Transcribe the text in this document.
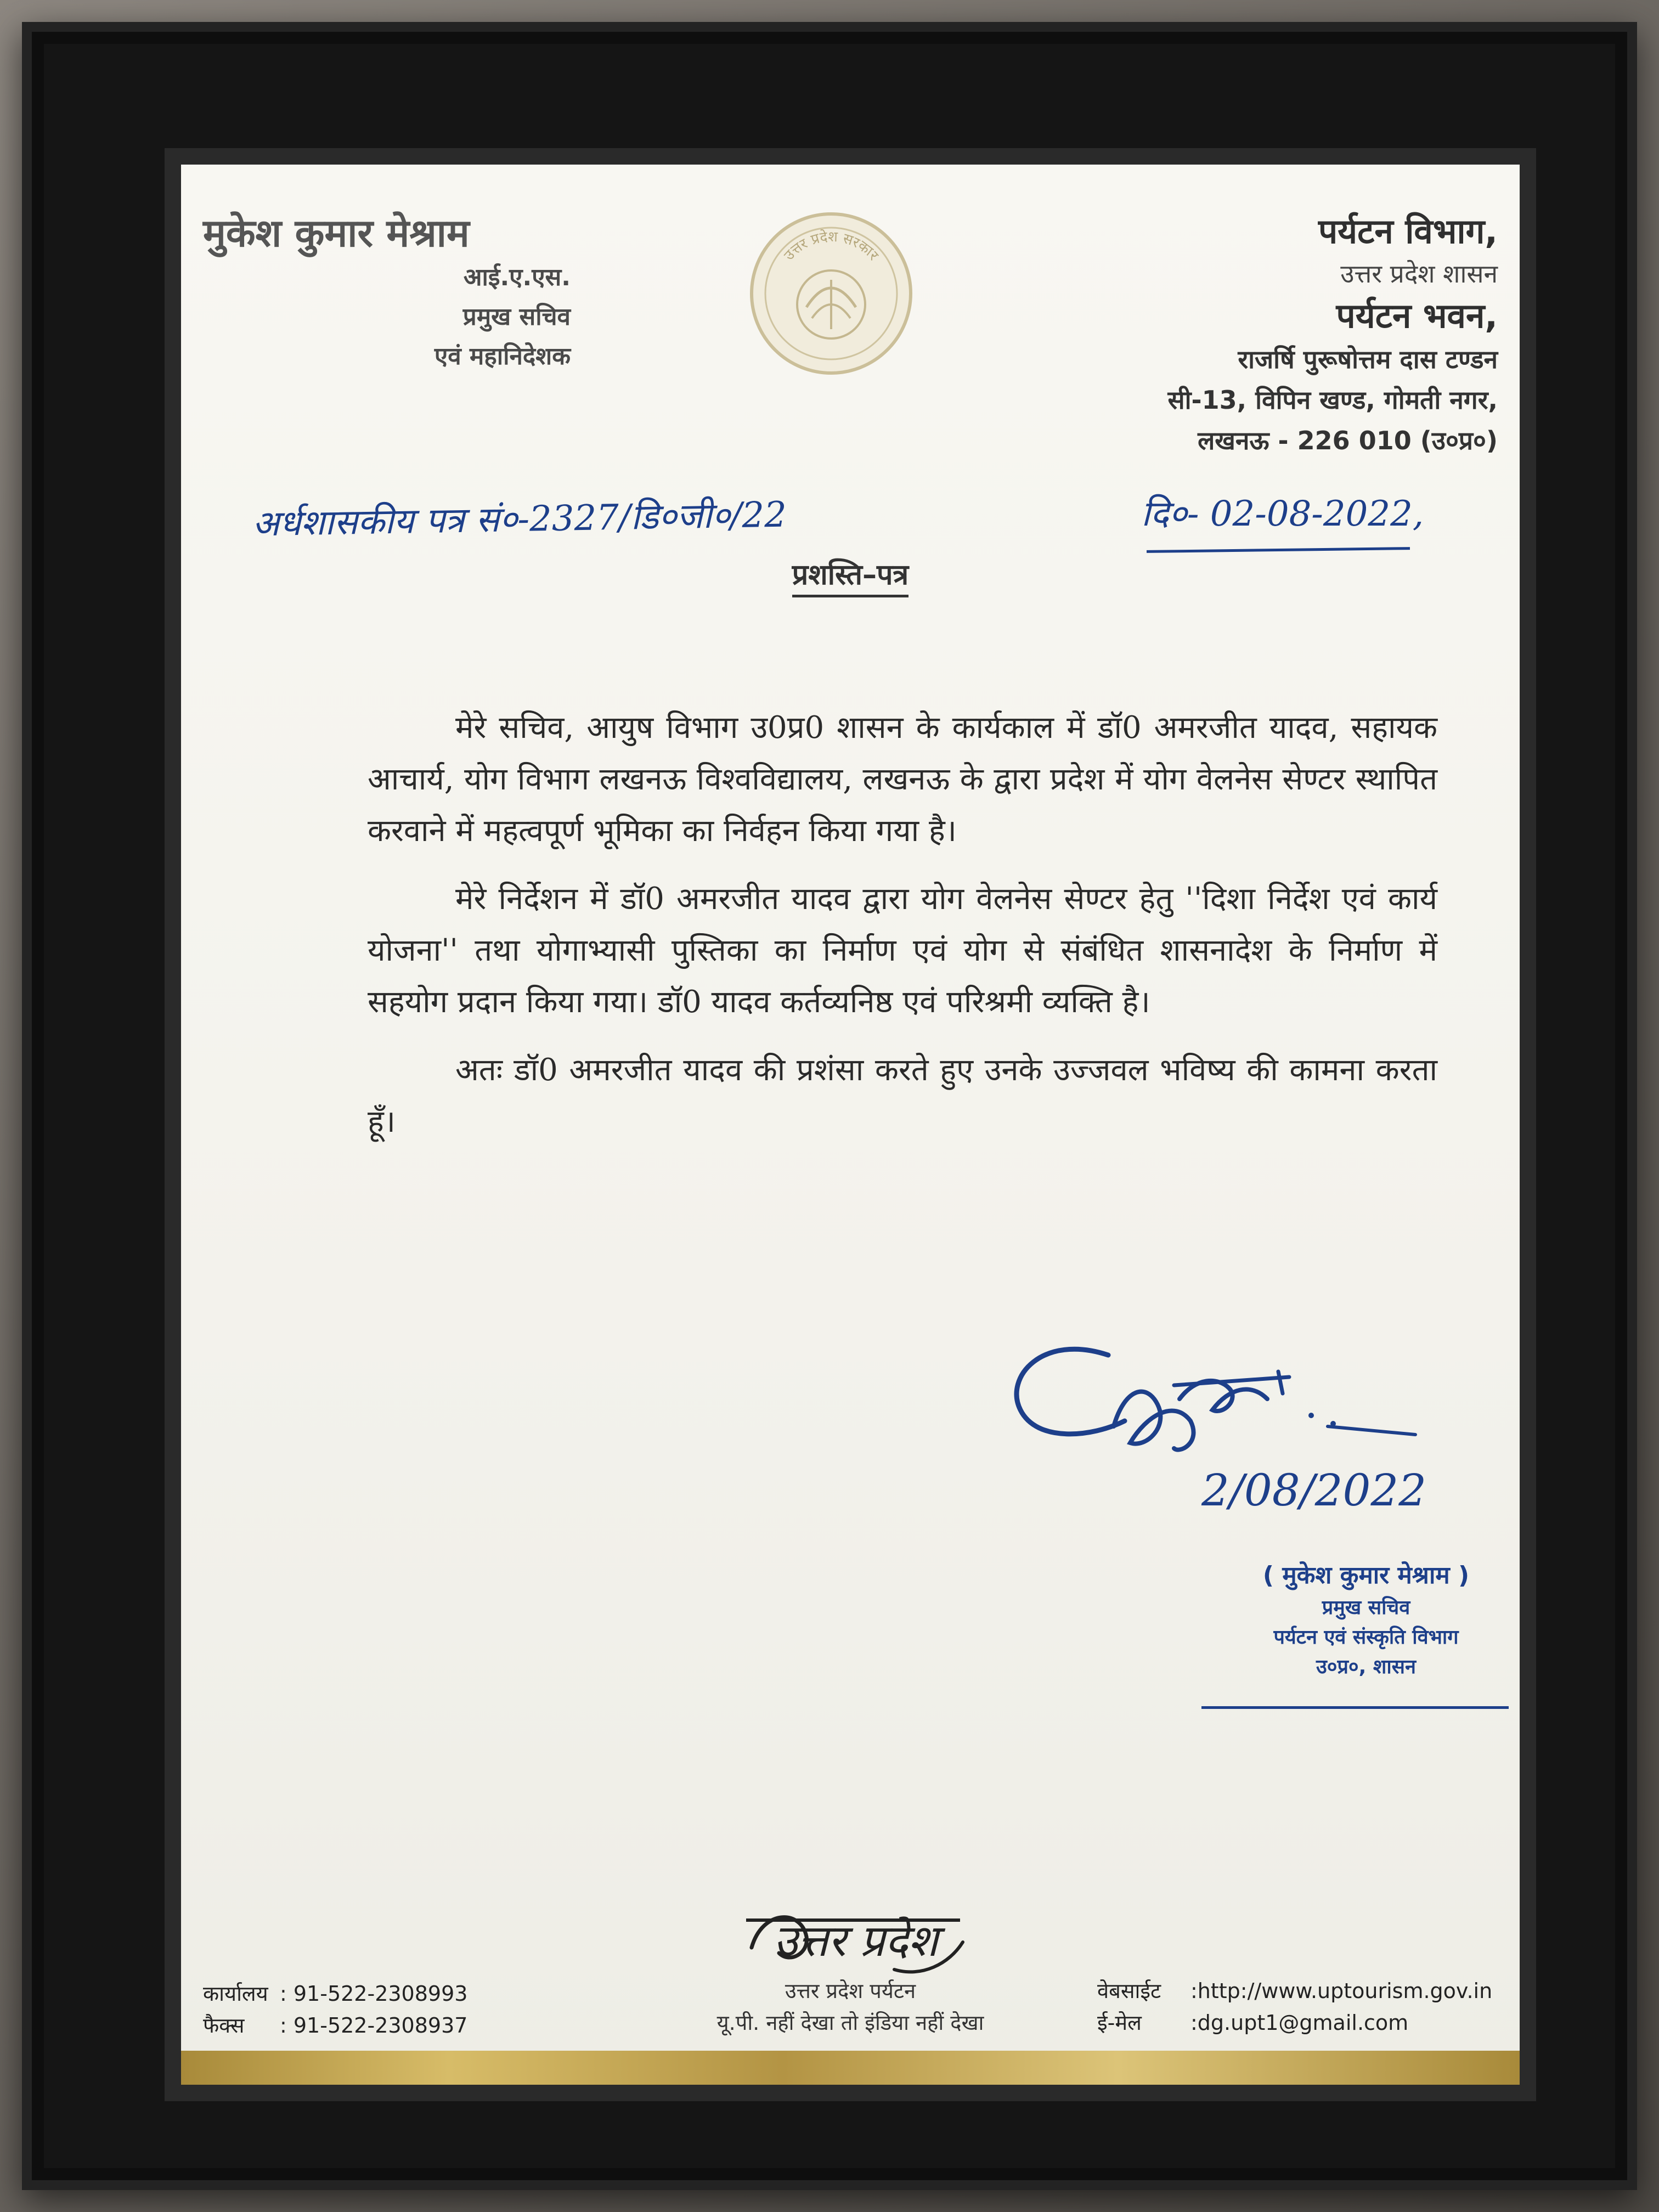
मुकेश कुमार मेश्राम
आई.ए.एस.
प्रमुख सचिव
एवं महानिदेशक
उत्तर प्रदेश सरकार
पर्यटन विभाग,
उत्तर प्रदेश शासन
पर्यटन भवन,
राजर्षि पुरूषोत्तम दास टण्डन
सी-13, विपिन खण्ड, गोमती नगर,
लखनऊ - 226 010 (उ०प्र०)
अर्धशासकीय पत्र सं०-2327/डि०जी०/22	दि०- 02-08-2022,
प्रशस्ति–पत्र

मेरे सचिव, आयुष विभाग उ0प्र0 शासन के कार्यकाल में डॉ0 अमरजीत यादव, सहायक आचार्य, योग विभाग लखनऊ विश्वविद्यालय, लखनऊ के द्वारा प्रदेश में योग वेलनेस सेण्टर स्थापित करवाने में महत्वपूर्ण भूमिका का निर्वहन किया गया है।

मेरे निर्देशन में डॉ0 अमरजीत यादव द्वारा योग वेलनेस सेण्टर हेतु ''दिशा निर्देश एवं कार्य योजना'' तथा योगाभ्यासी पुस्तिका का निर्माण एवं योग से संबंधित शासनादेश के निर्माण में सहयोग प्रदान किया गया। डॉ0 यादव कर्तव्यनिष्ठ एवं परिश्रमी व्यक्ति है।

अतः डॉ0 अमरजीत यादव की प्रशंसा करते हुए उनके उज्जवल भविष्य की कामना करता हूँ।

2/08/2022
( मुकेश कुमार मेश्राम )
प्रमुख सचिव
पर्यटन एवं संस्कृति विभाग
उ०प्र०, शासन
उत्तर प्रदेश
उत्तर प्रदेश पर्यटन
यू.पी. नहीं देखा तो इंडिया नहीं देखा
कार्यालय : 91-522-2308993
फैक्स : 91-522-2308937
वेबसाईट :http://www.uptourism.gov.in
ई-मेल :dg.upt1@gmail.com
